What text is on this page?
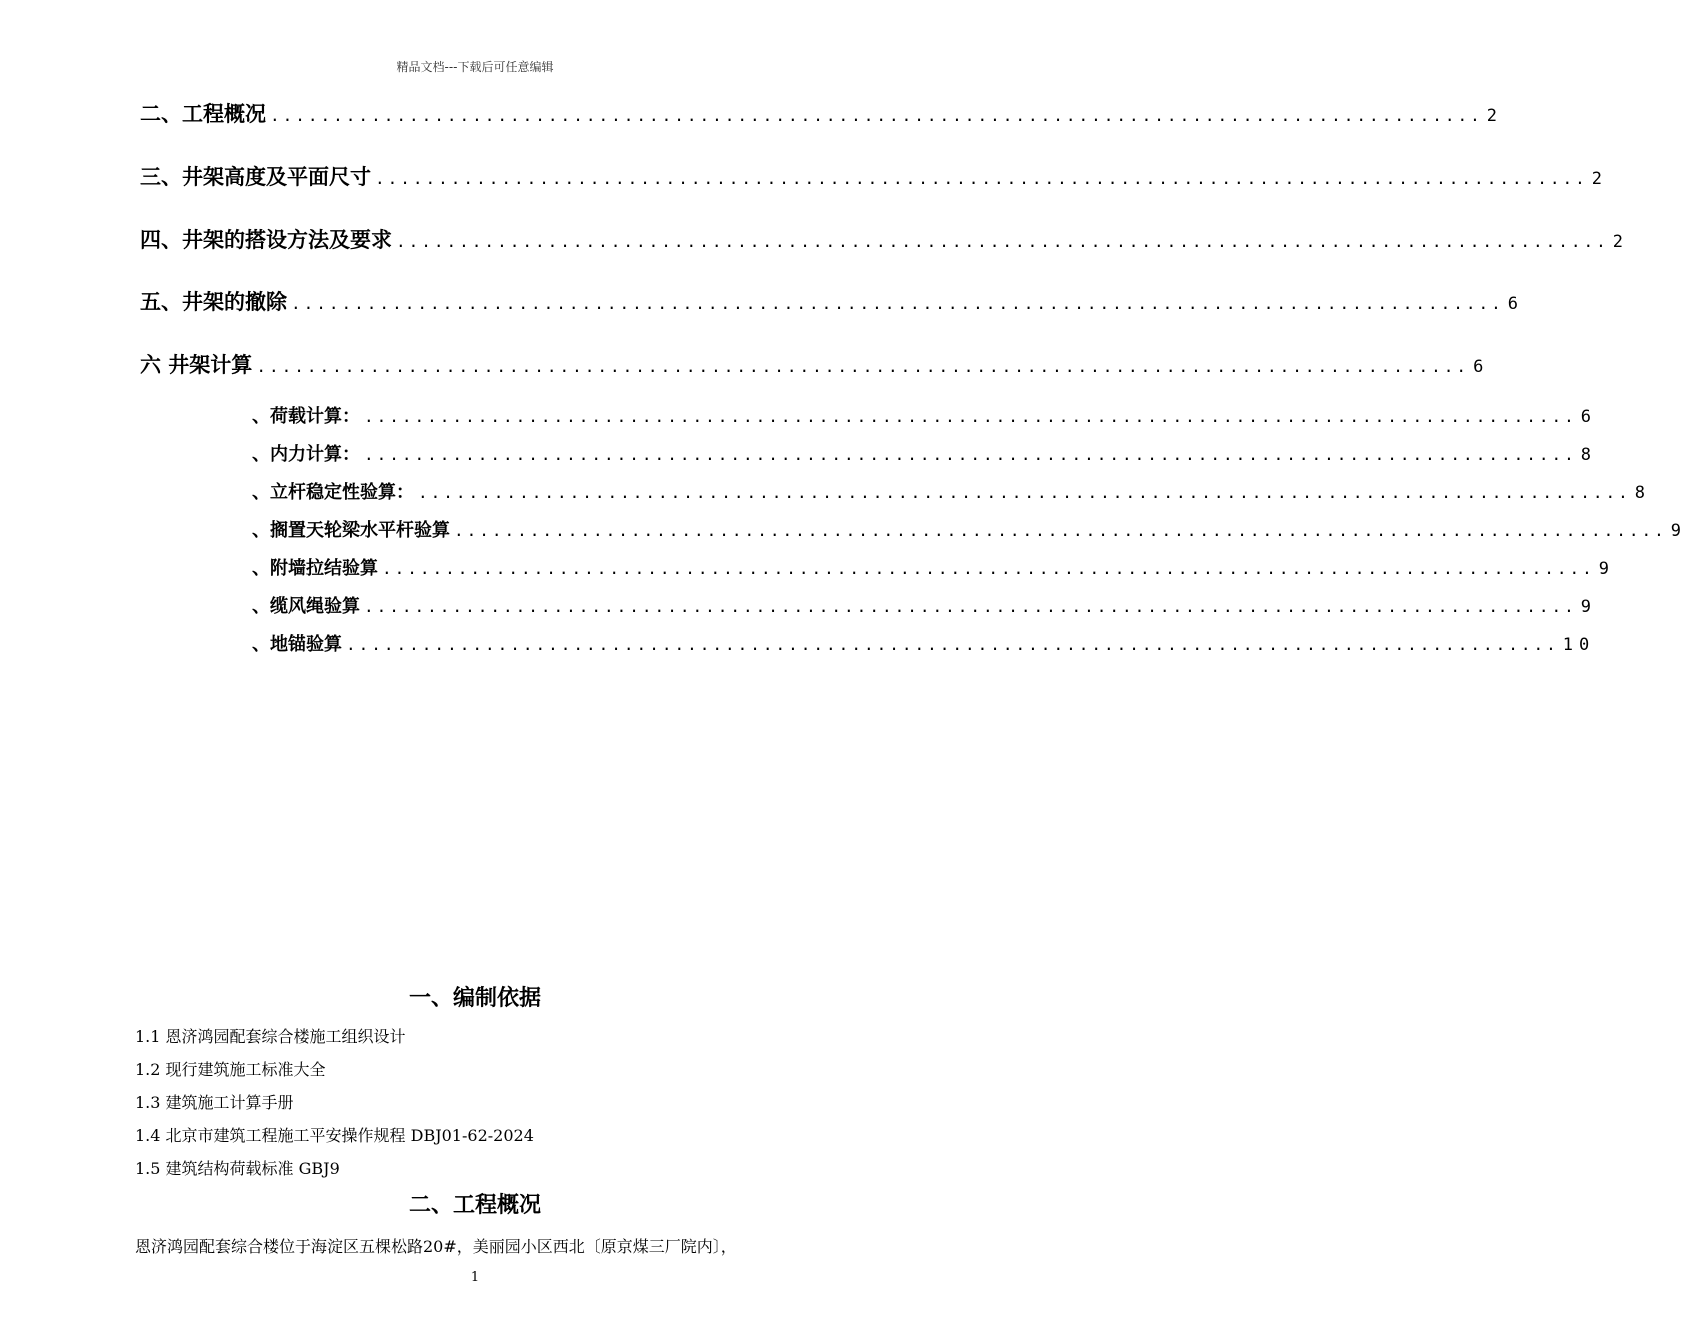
精品文档---下载后可任意编辑
二、工程概况 ................................................................................................ 2
三、井架高度及平面尺寸 ................................................................................................ 2
四、井架的搭设方法及要求 ................................................................................................ 2
五、井架的撤除 ................................................................................................ 6
六 井架计算 ................................................................................................ 6
、荷载计算： ................................................................................................ 6
、内力计算： ................................................................................................ 8
、立杆稳定性验算： ................................................................................................ 8
、搁置天轮梁水平杆验算 ................................................................................................ 9
、附墙拉结验算 ................................................................................................ 9
、缆风绳验算 ................................................................................................ 9
、地锚验算 ................................................................................................ 10
一、编制依据
1.1 恩济鸿园配套综合楼施工组织设计
1.2 现行建筑施工标准大全
1.3 建筑施工计算手册
1.4 北京市建筑工程施工平安操作规程 DBJ01-62-2024
1.5 建筑结构荷载标准 GBJ9
二、工程概况
恩济鸿园配套综合楼位于海淀区五棵松路20#，美丽园小区西北〔原京煤三厂院内〕，
1
